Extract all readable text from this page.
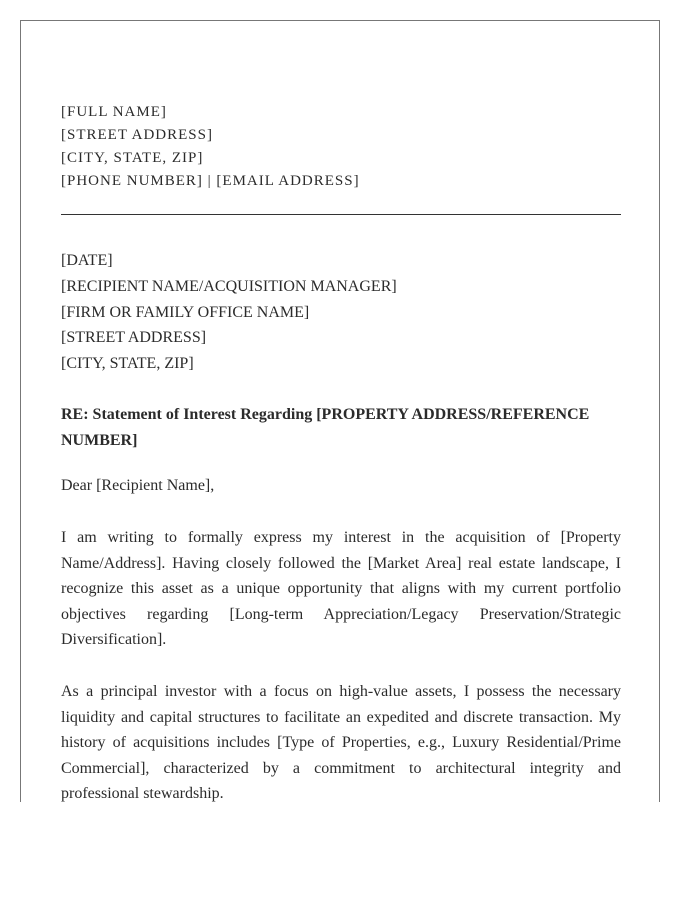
[FULL NAME]
[STREET ADDRESS]
[CITY, STATE, ZIP]
[PHONE NUMBER] | [EMAIL ADDRESS]
[DATE]
[RECIPIENT NAME/ACQUISITION MANAGER]
[FIRM OR FAMILY OFFICE NAME]
[STREET ADDRESS]
[CITY, STATE, ZIP]
RE: Statement of Interest Regarding [PROPERTY ADDRESS/REFERENCE NUMBER]
Dear [Recipient Name],

I am writing to formally express my interest in the acquisition of [Property Name/Address]. Having closely followed the [Market Area] real estate landscape, I recognize this asset as a unique opportunity that aligns with my current portfolio objectives regarding [Long-term Appreciation/Legacy Preservation/Strategic Diversification].

As a principal investor with a focus on high-value assets, I possess the necessary liquidity and capital structures to facilitate an expedited and discrete transaction. My history of acquisitions includes [Type of Properties, e.g., Luxury Residential/Prime Commercial], characterized by a commitment to architectural integrity and professional stewardship.
